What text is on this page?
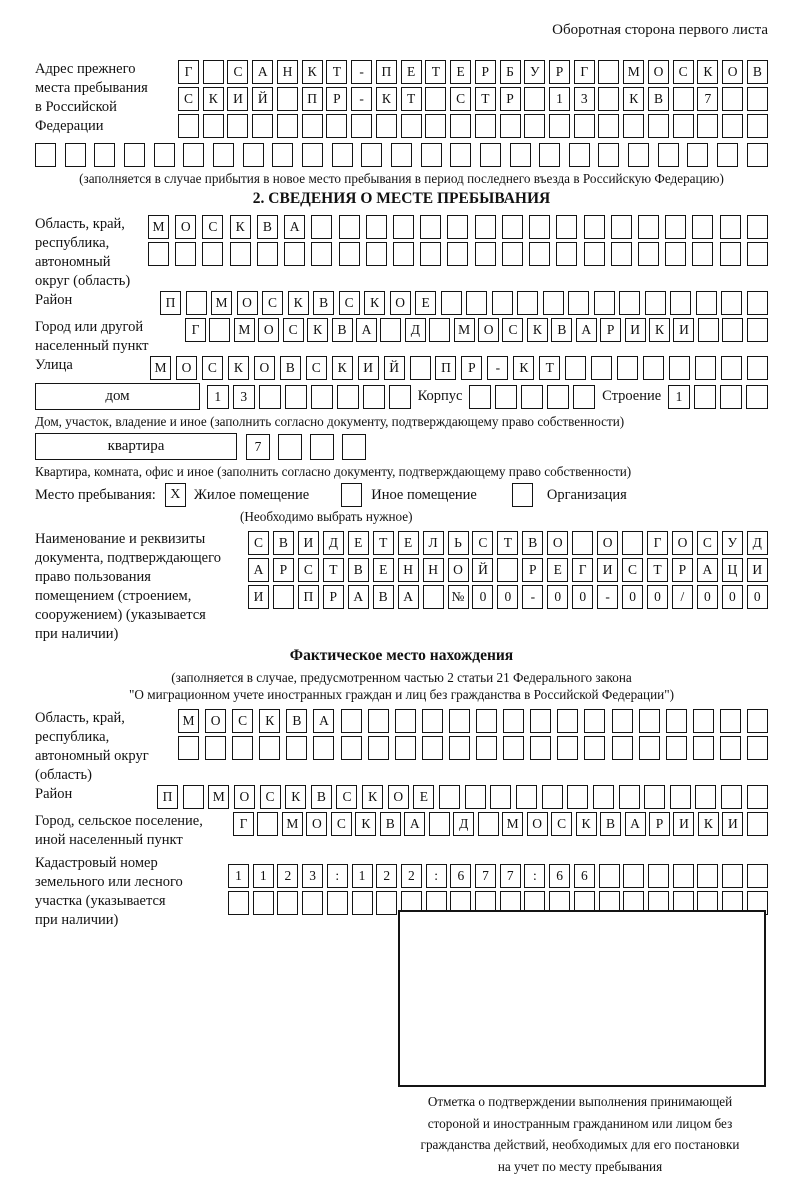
Оборотная сторона первого листа
Адрес прежнего
места пребывания
в Российской
Федерации
Г	С	А	Н	К	Т	-	П	Е	Т	Е	Р	Б	У	Р	Г	М	О	С	К	О	В
С	К	И	Й	П	Р	-	К	Т	С	Т	Р	1	3	К	В	7
(заполняется в случае прибытия в новое место пребывания в период последнего въезда в Российскую Федерацию)
2. СВЕДЕНИЯ О МЕСТЕ ПРЕБЫВАНИЯ
Область, край,
республика,
автономный
округ (область)
М	О	С	К	В	А
Район	П	М	О	С	К	В	С	К	О	Е
Город или другой
населенный пункт
Г	М	О	С	К	В	А	Д	М	О	С	К	В	А	Р	И	К	И
Улица	М	О	С	К	О	В	С	К	И	Й	П	Р	-	К	Т
дом	1	3	Корпус	Строение	1
Дом, участок, владение и иное (заполнить согласно документу, подтверждающему право собственности)
квартира	7
Квартира, комната, офис и иное (заполнить согласно документу, подтверждающему право собственности)
Место пребывания:	X Жилое помещение	Иное помещение	Организация
(Необходимо выбрать нужное)
Наименование и реквизиты
документа, подтверждающего
право пользования
помещением (строением,
сооружением) (указывается
при наличии)
С	В	И	Д	Е	Т	Е	Л	Ь	С	Т	В	О	О	Г	О	С	У	Д
А	Р	С	Т	В	Е	Н	Н	О	Й	Р	Е	Г	И	С	Т	Р	А	Ц	И
И	П	Р	А	В	А	№	0	0	-	0	0	-	0	0	/	0	0	0
Фактическое место нахождения
(заполняется в случае, предусмотренном частью 2 статьи 21 Федерального закона
"О миграционном учете иностранных граждан и лиц без гражданства в Российской Федерации")
Область, край,
республика,
автономный округ
(область)
М	О	С	К	В	А
Район	П	М	О	С	К	В	С	К	О	Е
Город, сельское поселение,
иной населенный пункт
Г	М	О	С	К	В	А	Д	М	О	С	К	В	А	Р	И	К	И
Кадастровый номер
земельного или лесного
участка (указывается
при наличии)
1	1	2	3	:	1	2	2	:	6	7	7	:	6	6
Отметка о подтверждении выполнения принимающей
стороной и иностранным гражданином или лицом без
гражданства действий, необходимых для его постановки
на учет по месту пребывания
